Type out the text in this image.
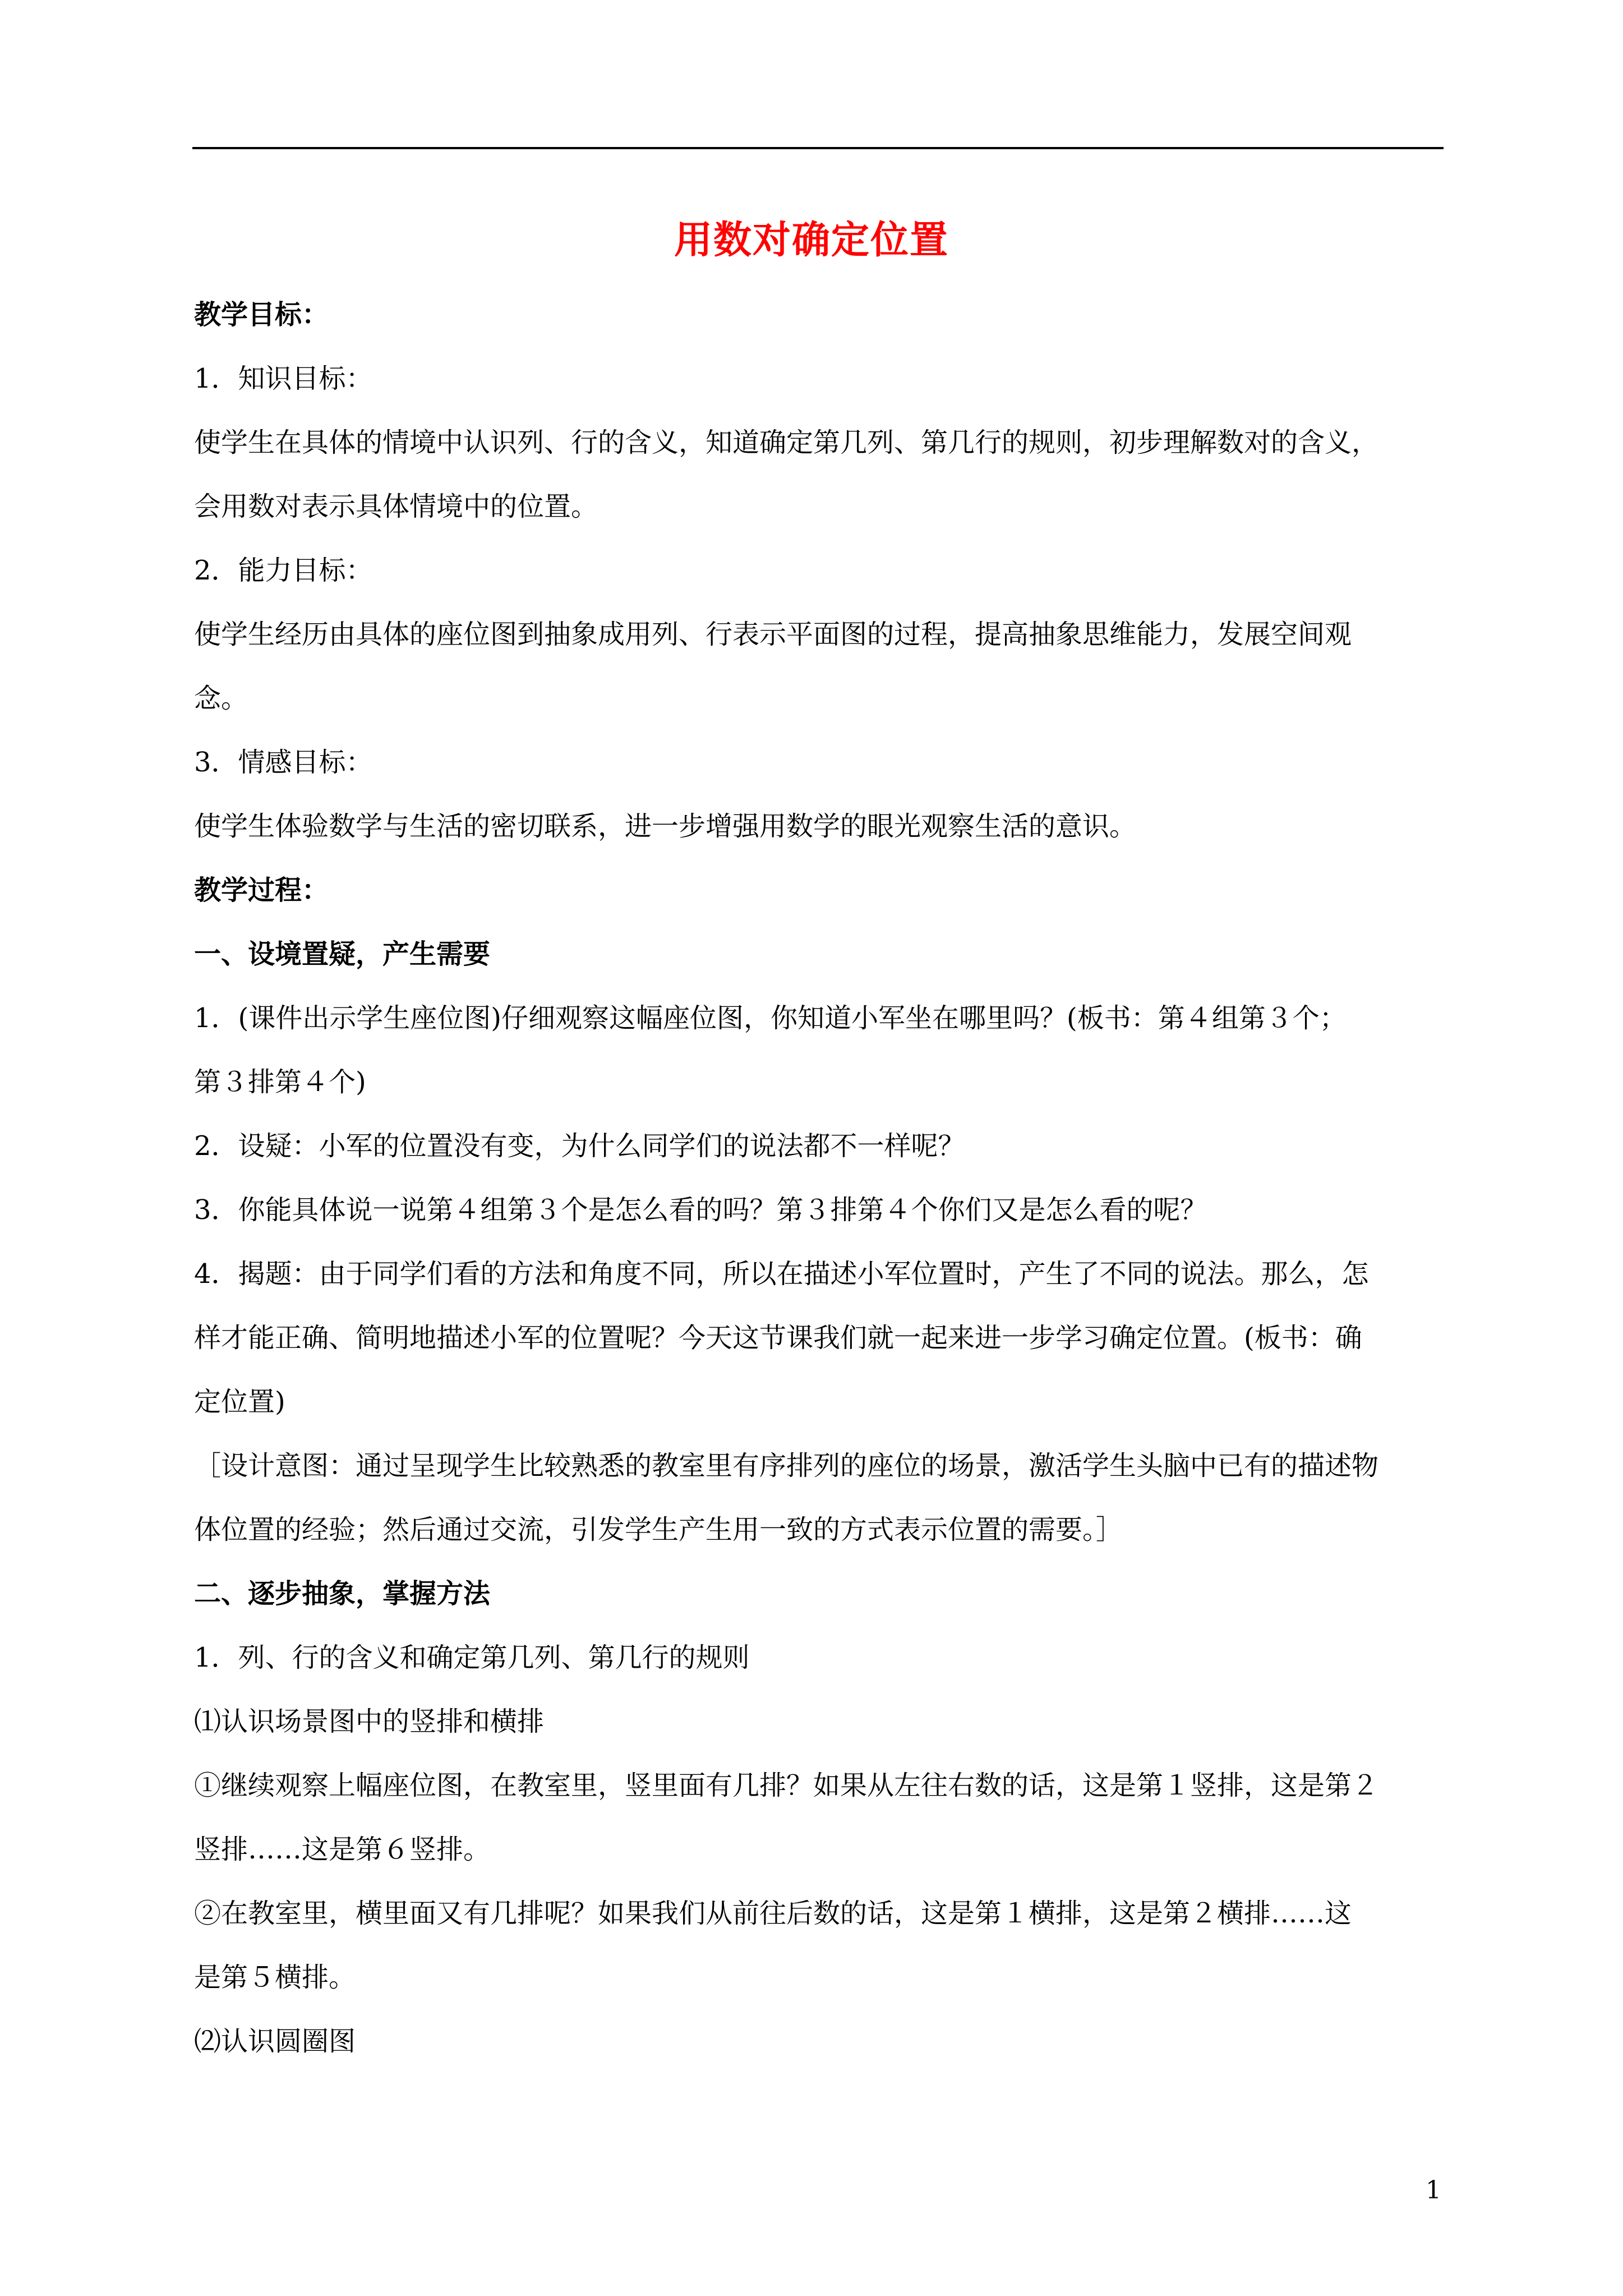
用数对确定位置
教学目标：
1．知识目标：
使学生在具体的情境中认识列、行的含义，知道确定第几列、第几行的规则，初步理解数对的含义，
会用数对表示具体情境中的位置。
2．能力目标：
使学生经历由具体的座位图到抽象成用列、行表示平面图的过程，提高抽象思维能力，发展空间观
念。
3．情感目标：
使学生体验数学与生活的密切联系，进一步增强用数学的眼光观察生活的意识。
教学过程：
一、设境置疑，产生需要
1．(课件出示学生座位图)仔细观察这幅座位图，你知道小军坐在哪里吗？(板书：第４组第３个；
第３排第４个)
2．设疑：小军的位置没有变，为什么同学们的说法都不一样呢？
3．你能具体说一说第４组第３个是怎么看的吗？第３排第４个你们又是怎么看的呢？
4．揭题：由于同学们看的方法和角度不同，所以在描述小军位置时，产生了不同的说法。那么，怎
样才能正确、简明地描述小军的位置呢？今天这节课我们就一起来进一步学习确定位置。(板书：确
定位置)
［设计意图：通过呈现学生比较熟悉的教室里有序排列的座位的场景，激活学生头脑中已有的描述物
体位置的经验；然后通过交流，引发学生产生用一致的方式表示位置的需要。］
二、逐步抽象，掌握方法
1．列、行的含义和确定第几列、第几行的规则
⑴认识场景图中的竖排和横排
①继续观察上幅座位图，在教室里，竖里面有几排？如果从左往右数的话，这是第１竖排，这是第２
竖排……这是第６竖排。
②在教室里，横里面又有几排呢？如果我们从前往后数的话，这是第１横排，这是第２横排……这
是第５横排。
⑵认识圆圈图
1
